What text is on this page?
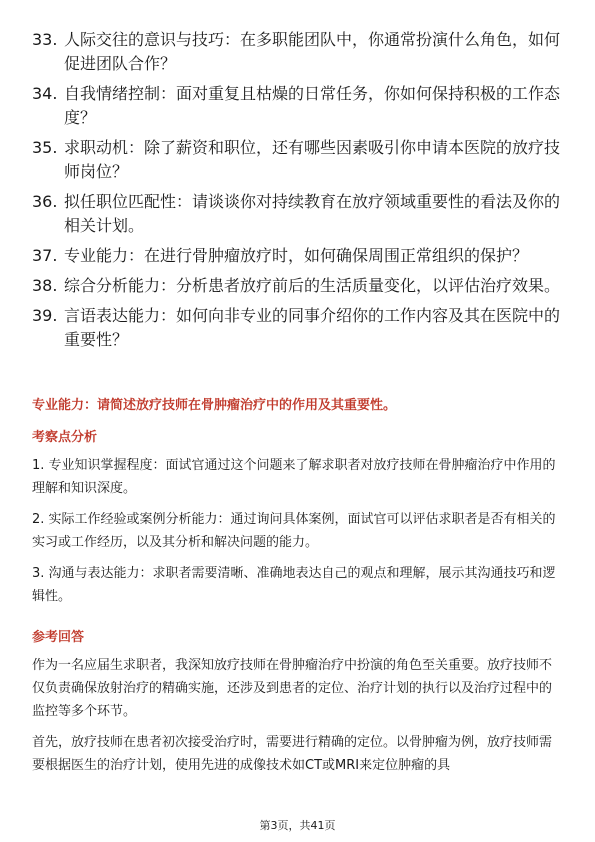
33. 人际交往的意识与技巧：在多职能团队中，你通常扮演什么角色，如何促进团队合作？
34. 自我情绪控制：面对重复且枯燥的日常任务，你如何保持积极的工作态度？
35. 求职动机：除了薪资和职位，还有哪些因素吸引你申请本医院的放疗技师岗位？
36. 拟任职位匹配性：请谈谈你对持续教育在放疗领域重要性的看法及你的相关计划。
37. 专业能力：在进行骨肿瘤放疗时，如何确保周围正常组织的保护？
38. 综合分析能力：分析患者放疗前后的生活质量变化，以评估治疗效果。
39. 言语表达能力：如何向非专业的同事介绍你的工作内容及其在医院中的重要性？
专业能力：请简述放疗技师在骨肿瘤治疗中的作用及其重要性。
考察点分析
1. 专业知识掌握程度：面试官通过这个问题来了解求职者对放疗技师在骨肿瘤治疗中作用的理解和知识深度。
2. 实际工作经验或案例分析能力：通过询问具体案例，面试官可以评估求职者是否有相关的实习或工作经历，以及其分析和解决问题的能力。
3. 沟通与表达能力：求职者需要清晰、准确地表达自己的观点和理解，展示其沟通技巧和逻辑性。
参考回答
作为一名应届生求职者，我深知放疗技师在骨肿瘤治疗中扮演的角色至关重要。放疗技师不仅负责确保放射治疗的精确实施，还涉及到患者的定位、治疗计划的执行以及治疗过程中的监控等多个环节。
首先，放疗技师在患者初次接受治疗时，需要进行精确的定位。以骨肿瘤为例，放疗技师需要根据医生的治疗计划，使用先进的成像技术如CT或MRI来定位肿瘤的具
第3页，共41页
